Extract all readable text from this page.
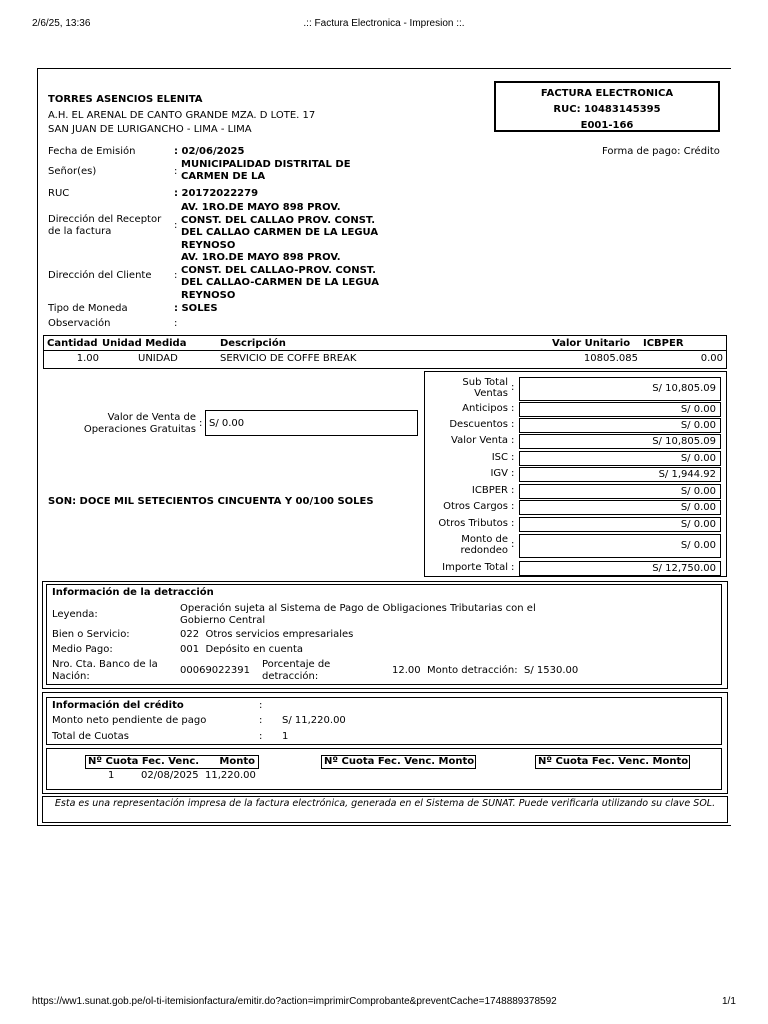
2/6/25, 13:36	.:: Factura Electronica - Impresion ::.
TORRES ASENCIOS ELENITA
A.H. EL ARENAL DE CANTO GRANDE MZA. D LOTE. 17
SAN JUAN DE LURIGANCHO - LIMA - LIMA
FACTURA ELECTRONICA
RUC: 10483145395
E001-166
Fecha de Emisión	: 02/06/2025	Forma de pago: Crédito
Señor(es)	:
MUNICIPALIDAD DISTRITAL DE CARMEN DE LA
RUC	: 20172022279
Dirección del Receptor de la factura
:
AV. 1RO.DE MAYO 898 PROV. CONST. DEL CALLAO PROV. CONST. DEL CALLAO CARMEN DE LA LEGUA REYNOSO
Dirección del Cliente :
AV. 1RO.DE MAYO 898 PROV. CONST. DEL CALLAO-PROV. CONST. DEL CALLAO-CARMEN DE LA LEGUA REYNOSO
Tipo de Moneda	: SOLES
Observación	:
Cantidad Unidad Medida	Descripción	Valor Unitario ICBPER
1.00	UNIDAD	SERVICIO DE COFFE BREAK	10805.085	0.00
Valor de Venta de Operaciones Gratuitas
: S/ 0.00
SON: DOCE MIL SETECIENTOS CINCUENTA Y 00/100 SOLES
Sub Total Ventas
:	S/ 10,805.09
Anticipos :	S/ 0.00
Descuentos :	S/ 0.00
Valor Venta :	S/ 10,805.09
ISC :	S/ 0.00
IGV :	S/ 1,944.92
ICBPER :	S/ 0.00
Otros Cargos :	S/ 0.00
Otros Tributos :	S/ 0.00
Monto de redondeo
:	S/ 0.00
Importe Total :	S/ 12,750.00
Información de la detracción
Leyenda:
Operación sujeta al Sistema de Pago de Obligaciones Tributarias con el Gobierno Central
Bien o Servicio:	022  Otros servicios empresariales
Medio Pago:	001  Depósito en cuenta
Nro. Cta. Banco de la Nación:
00069022391
Porcentaje de detracción:
12.00 Monto detracción: S/ 1530.00
Información del crédito	:
Monto neto pendiente de pago	: S/ 11,220.00
Total de Cuotas	: 1
Nº Cuota Fec. Venc. Monto	Nº Cuota Fec. Venc. Monto	Nº Cuota Fec. Venc. Monto
1	02/08/2025 11,220.00
Esta es una representación impresa de la factura electrónica, generada en el Sistema de SUNAT. Puede verificarla utilizando su clave SOL.
https://ww1.sunat.gob.pe/ol-ti-itemisionfactura/emitir.do?action=imprimirComprobante&preventCache=1748889378592	1/1
